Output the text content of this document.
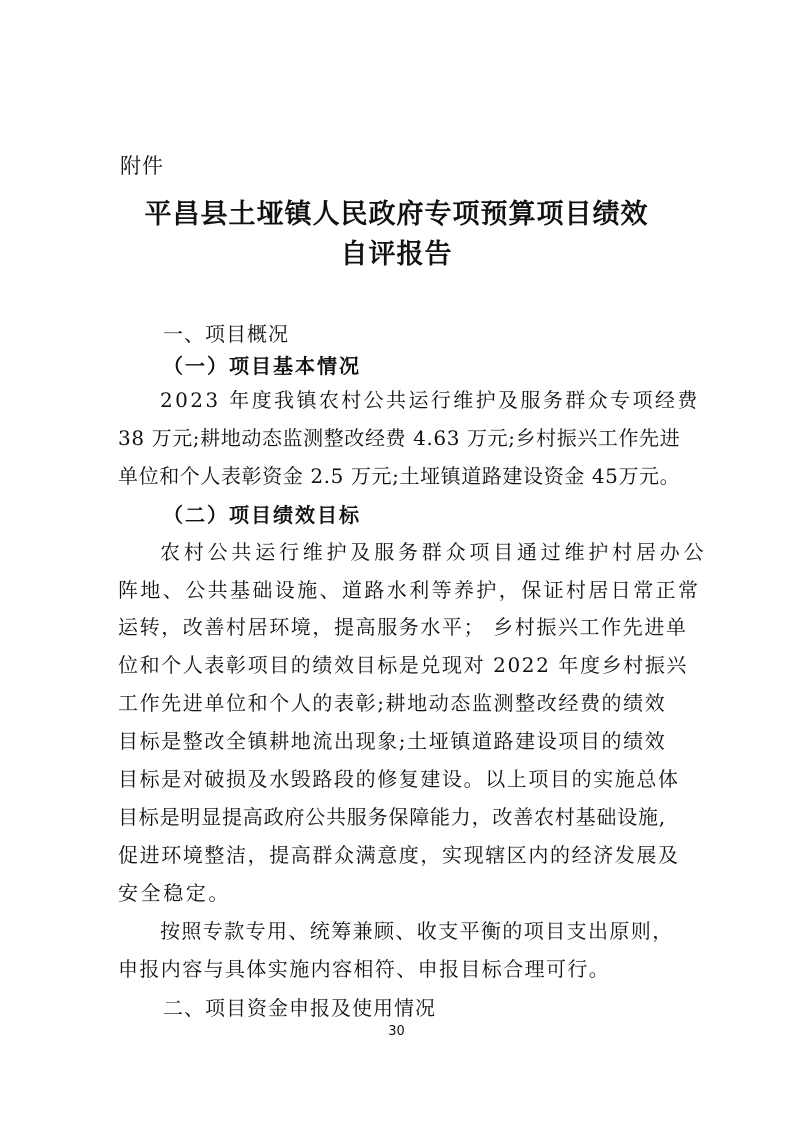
附件
平昌县土垭镇人民政府专项预算项目绩效
自评报告
一、项目概况
（一）项目基本情况
2023 年度我镇农村公共运行维护及服务群众专项经费
38 万元;耕地动态监测整改经费 4.63 万元;乡村振兴工作先进
单位和个人表彰资金 2.5 万元;土垭镇道路建设资金 45万元。
（二）项目绩效目标
农村公共运行维护及服务群众项目通过维护村居办公
阵地、公共基础设施、道路水利等养护，保证村居日常正常
运转，改善村居环境，提高服务水平； 乡村振兴工作先进单
位和个人表彰项目的绩效目标是兑现对 2022 年度乡村振兴
工作先进单位和个人的表彰;耕地动态监测整改经费的绩效
目标是整改全镇耕地流出现象;土垭镇道路建设项目的绩效
目标是对破损及水毁路段的修复建设。以上项目的实施总体
目标是明显提高政府公共服务保障能力，改善农村基础设施,
促进环境整洁，提高群众满意度，实现辖区内的经济发展及
安全稳定。
按照专款专用、统筹兼顾、收支平衡的项目支出原则，
申报内容与具体实施内容相符、申报目标合理可行。
二、项目资金申报及使用情况
30
